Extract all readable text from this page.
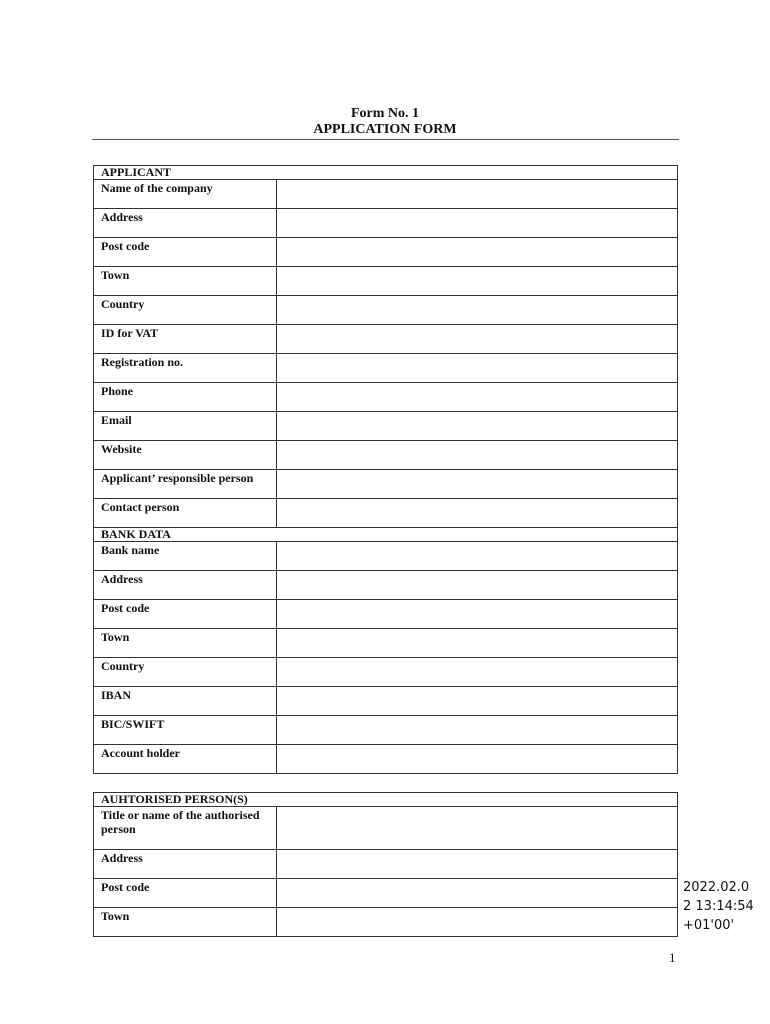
Form No. 1
APPLICATION FORM
APPLICANT	
Name of the company	
Address	
Post code	
Town	
Country	
ID for VAT	
Registration no.	
Phone	
Email	
Website	
Applicant’ responsible person	
Contact person	
BANK DATA	
Bank name	
Address	
Post code	
Town	
Country	
IBAN	
BIC/SWIFT	
Account holder	
AUHTORISED PERSON(S)	
Title or name of the authorised person	
Address	
Post code	
Town	
2022.02.0
2 13:14:54
+01'00'
1
